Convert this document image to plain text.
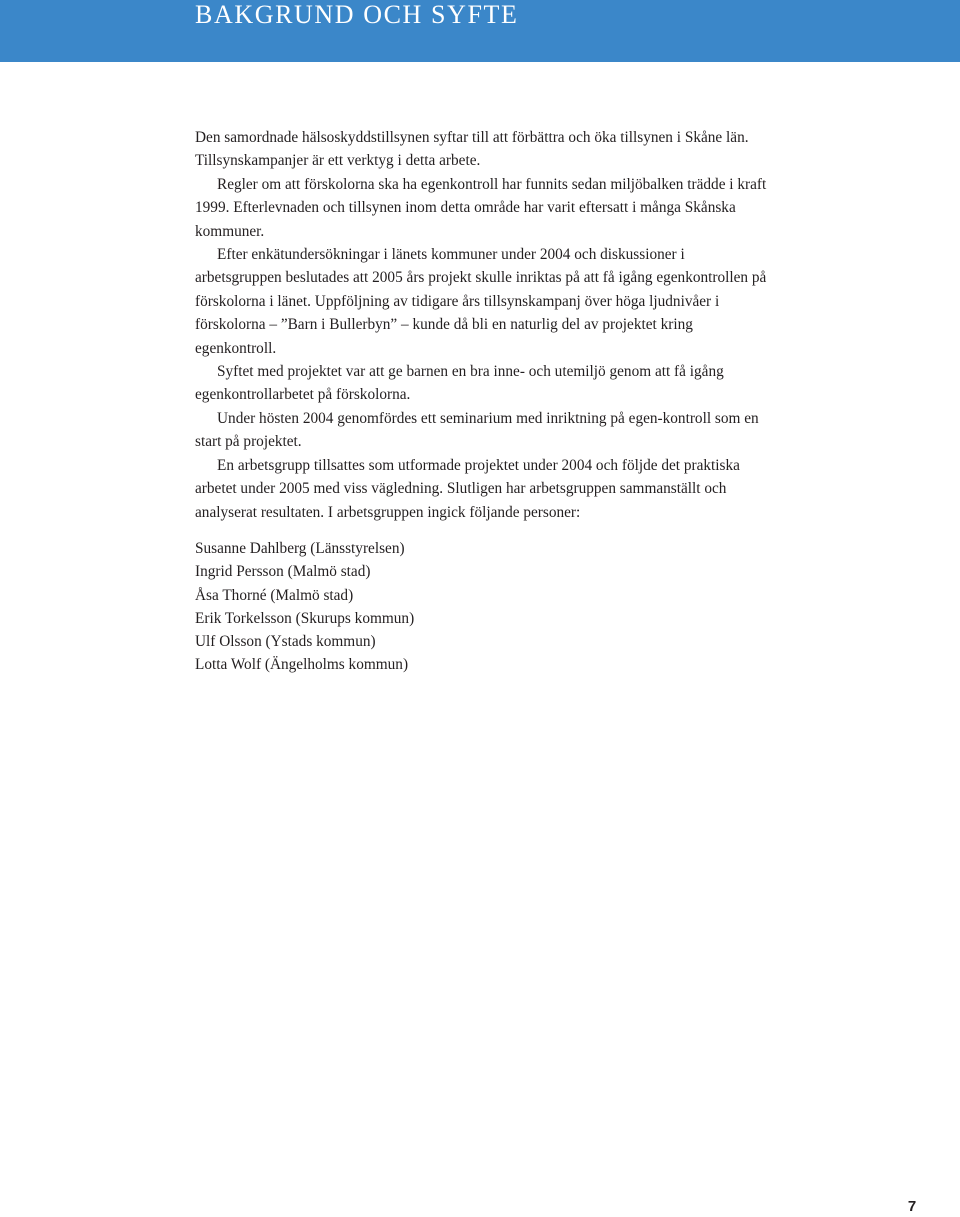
BAKGRUND OCH SYFTE

Den samordnade hälsoskyddstillsynen syftar till att förbättra och öka tillsynen i Skåne län. Tillsynskampanjer är ett verktyg i detta arbete.

Regler om att förskolorna ska ha egenkontroll har funnits sedan miljöbalken trädde i kraft 1999. Efterlevnaden och tillsynen inom detta område har varit eftersatt i många Skånska kommuner.

Efter enkätundersökningar i länets kommuner under 2004 och diskussioner i arbetsgruppen beslutades att 2005 års projekt skulle inriktas på att få igång egenkontrollen på förskolorna i länet. Uppföljning av tidigare års tillsynskampanj över höga ljudnivåer i förskolorna – ”Barn i Bullerbyn” – kunde då bli en naturlig del av projektet kring egenkontroll.

Syftet med projektet var att ge barnen en bra inne- och utemiljö genom att få igång egenkontrollarbetet på förskolorna.

Under hösten 2004 genomfördes ett seminarium med inriktning på egen-kontroll som en start på projektet.

En arbetsgrupp tillsattes som utformade projektet under 2004 och följde det praktiska arbetet under 2005 med viss vägledning. Slutligen har arbetsgruppen sammanställt och analyserat resultaten. I arbetsgruppen ingick följande personer:

Susanne Dahlberg (Länsstyrelsen)
Ingrid Persson (Malmö stad)
Åsa Thorné (Malmö stad)
Erik Torkelsson (Skurups kommun)
Ulf Olsson (Ystads kommun)
Lotta Wolf (Ängelholms kommun)
7
